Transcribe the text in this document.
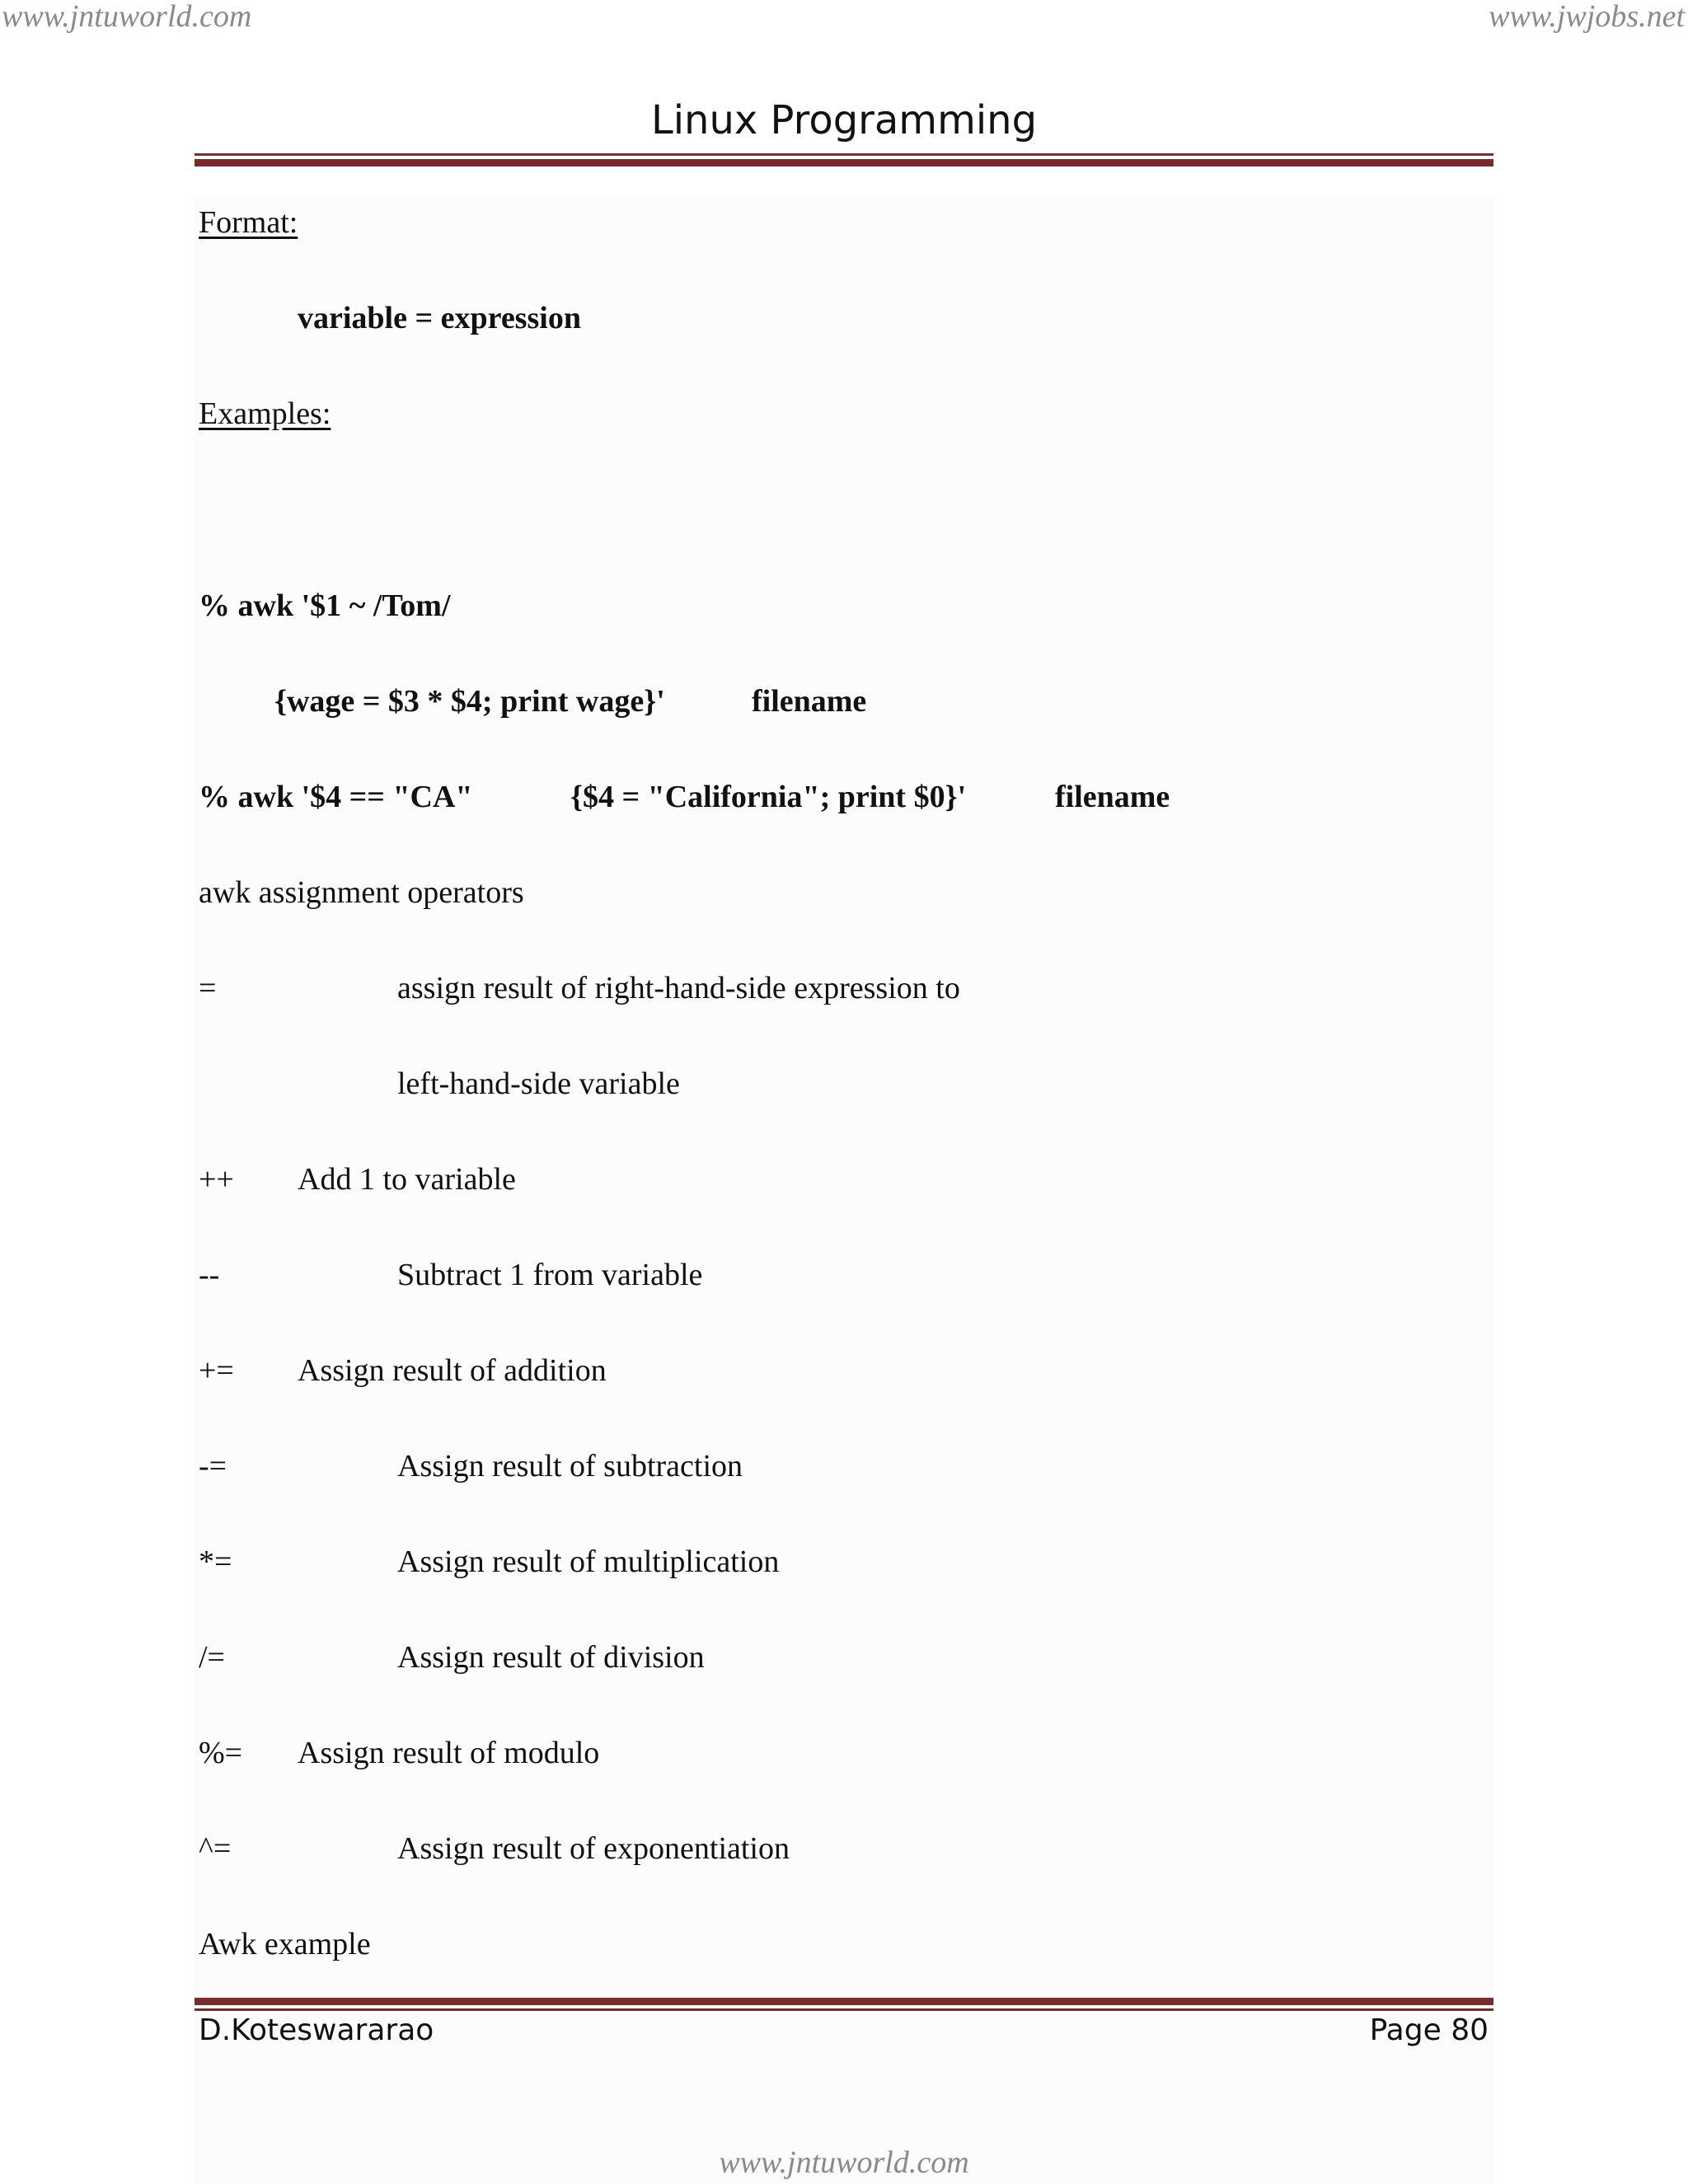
www.jntuworld.com	www.jwjobs.net
Linux Programming
Format:
variable = expression
Examples:
% awk '$1 ~ /Tom/
{wage = $3 * $4; print wage}'	filename
% awk '$4 == "CA"	{$4 = "California"; print $0}'	filename
awk assignment operators
=	assign result of right-hand-side expression to
left-hand-side variable
++ Add 1 to variable
--	Subtract 1 from variable
+= Assign result of addition
-=	Assign result of subtraction
*=	Assign result of multiplication
/=	Assign result of division
%= Assign result of modulo
^=	Assign result of exponentiation
Awk example
D.Koteswararao	Page 80
www.jntuworld.com
